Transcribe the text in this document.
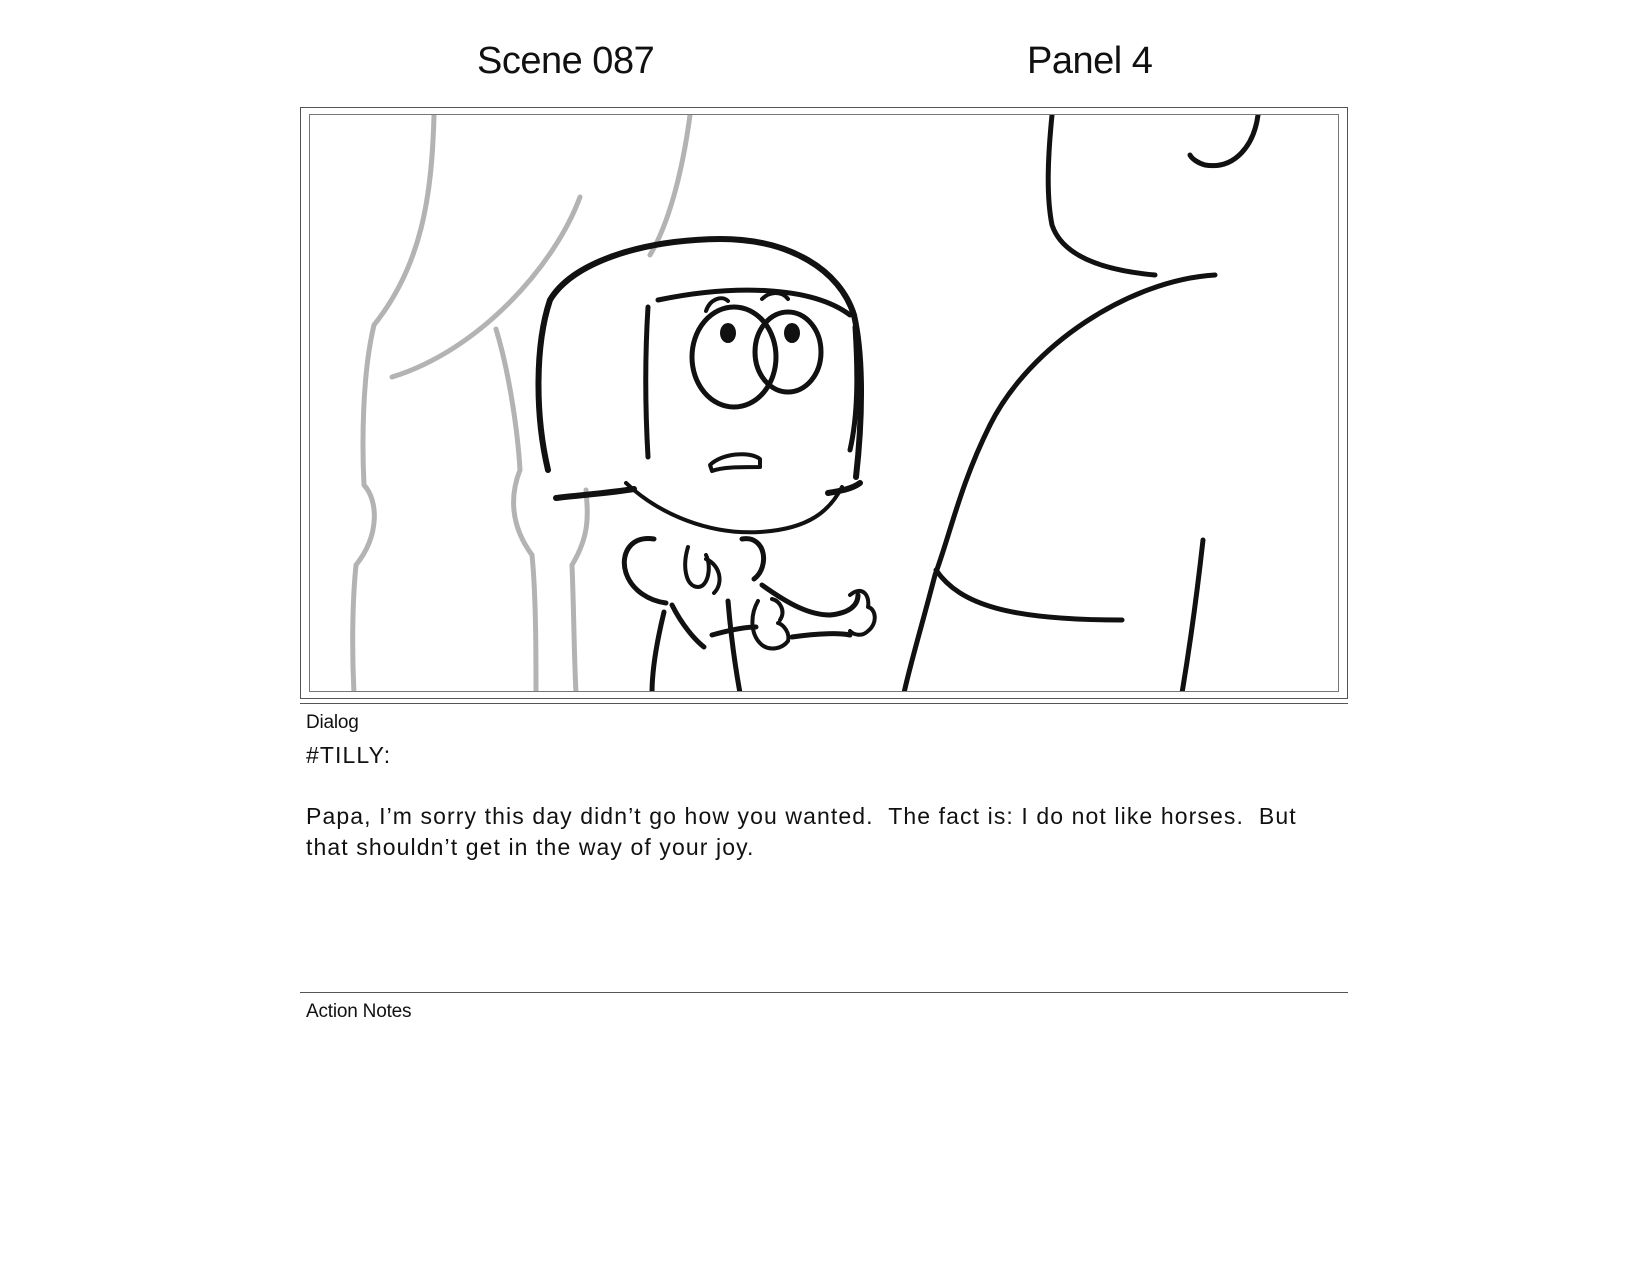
Scene 087	Panel 4
Dialog
#TILLY:
Papa, I’m sorry this day didn’t go how you wanted.  The fact is: I do not like horses.  But that shouldn’t get in the way of your joy.
Action Notes
